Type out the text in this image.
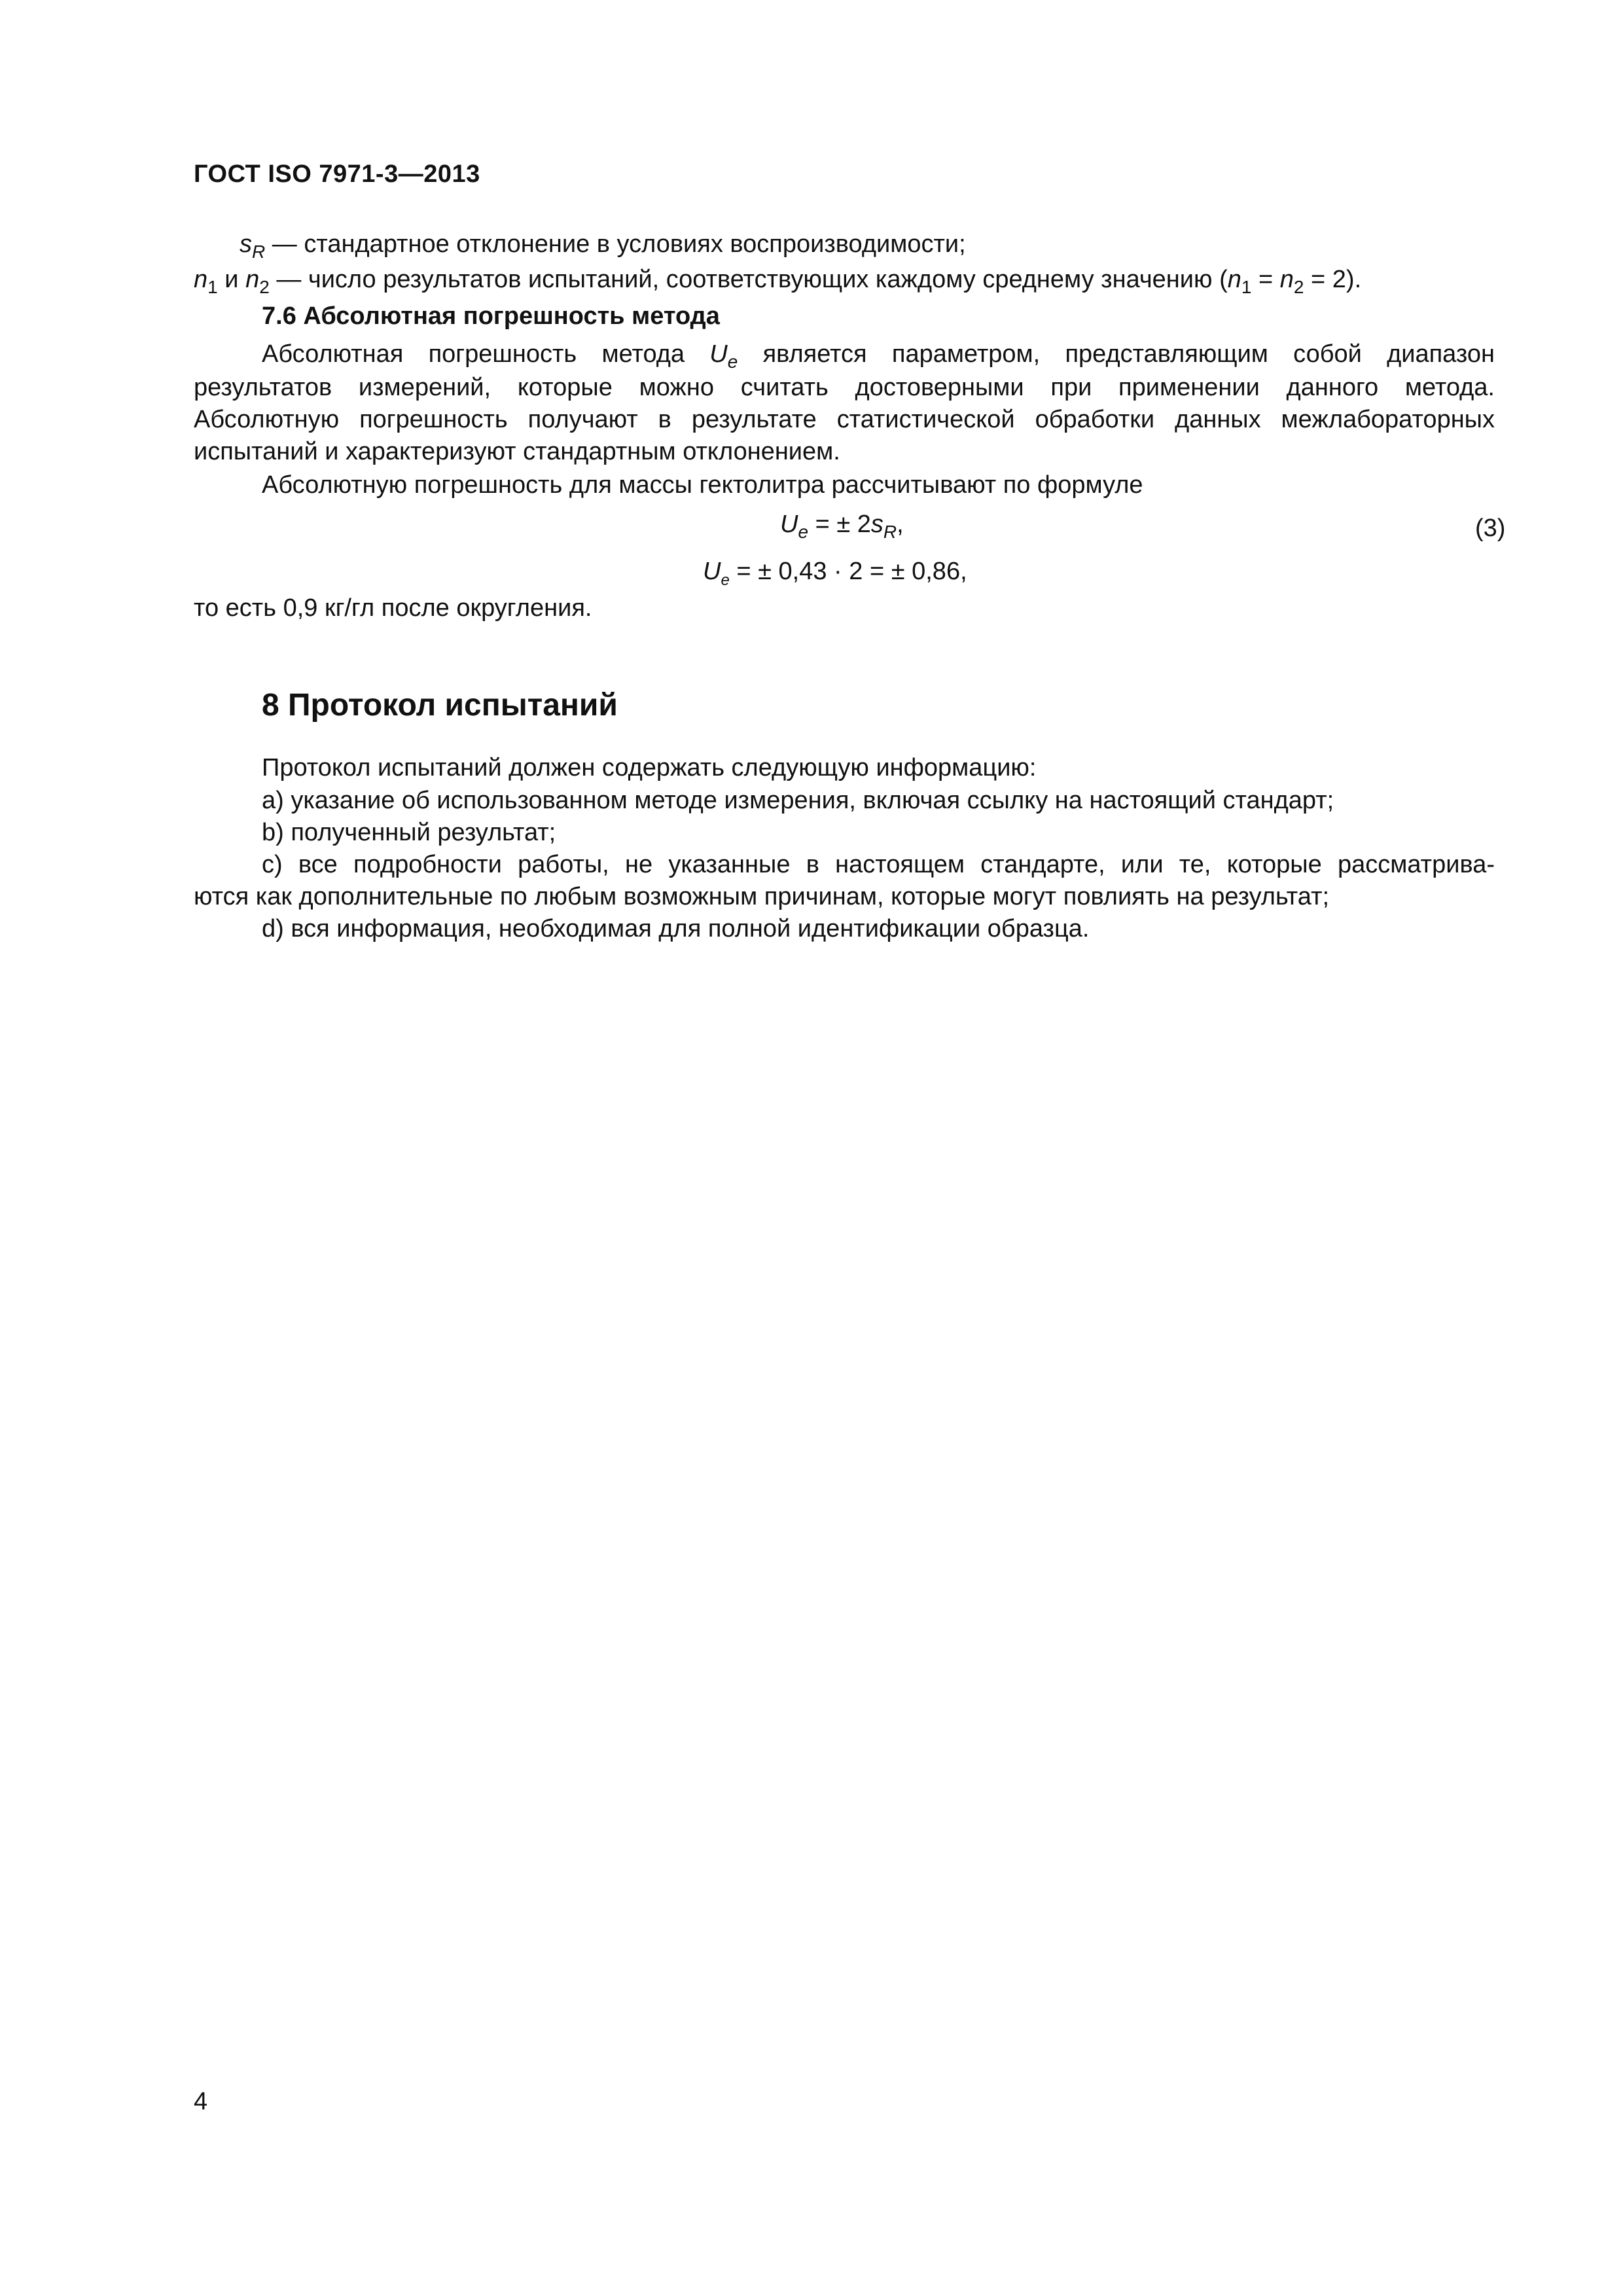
ГОСТ ISO 7971-3—2013
$s_R$ — стандартное отклонение в условиях воспроизводимости;
$n_1$ и $n_2$ — число результатов испытаний, соответствующих каждому среднему значению $(n_1 = n_2 = 2)$.
7.6 Абсолютная погрешность метода
Абсолютная погрешность метода $U_e$ является параметром, представляющим собой диапазон
результатов измерений, которые можно считать достоверными при применении данного метода.
Абсолютную погрешность получают в результате статистической обработки данных межлабораторных
испытаний и характеризуют стандартным отклонением.
Абсолютную погрешность для массы гектолитра рассчитывают по формуле
$U_e$ = ± $2s_R$,	(3)
$U_e$ = ± 0,43 · 2 = ± 0,86,
то есть 0,9 кг/гл после округления.
8 Протокол испытаний
Протокол испытаний должен содержать следующую информацию:
a) указание об использованном методе измерения, включая ссылку на настоящий стандарт;
b) полученный результат;
c) все подробности работы, не указанные в настоящем стандарте, или те, которые рассматрива-
ются как дополнительные по любым возможным причинам, которые могут повлиять на результат;
d) вся информация, необходимая для полной идентификации образца.
4
